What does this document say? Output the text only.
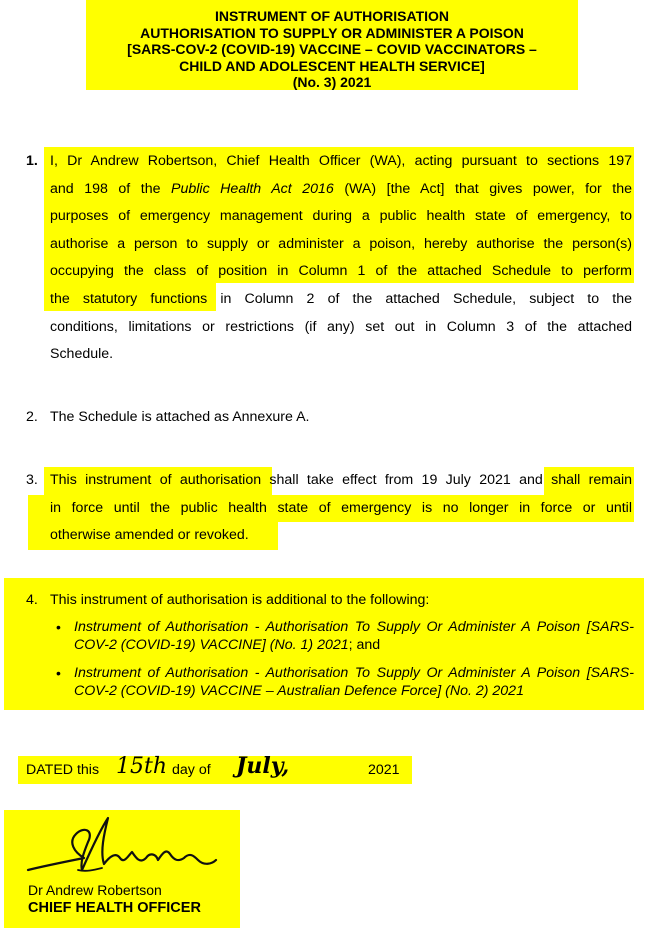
INSTRUMENT OF AUTHORISATION
AUTHORISATION TO SUPPLY OR ADMINISTER A POISON
[SARS-COV-2 (COVID-19) VACCINE – COVID VACCINATORS –
CHILD AND ADOLESCENT HEALTH SERVICE]
(No. 3) 2021
1. I, Dr Andrew Robertson, Chief Health Officer (WA), acting pursuant to sections 197
and 198 of the Public Health Act 2016 (WA) [the Act] that gives power, for the
purposes of emergency management during a public health state of emergency, to
authorise a person to supply or administer a poison, hereby authorise the person(s)
occupying the class of position in Column 1 of the attached Schedule to perform
the statutory functions in Column 2 of the attached Schedule, subject to the
conditions, limitations or restrictions (if any) set out in Column 3 of the attached
Schedule.
2. The Schedule is attached as Annexure A.
3. This instrument of authorisation shall take effect from 19 July 2021 and shall remain
in force until the public health state of emergency is no longer in force or until
otherwise amended or revoked.
4. This instrument of authorisation is additional to the following:
• Instrument of Authorisation - Authorisation To Supply Or Administer A Poison [SARS-COV-2 (COVID-19) VACCINE] (No. 1) 2021; and
• Instrument of Authorisation - Authorisation To Supply Or Administer A Poison [SARS-COV-2 (COVID-19) VACCINE – Australian Defence Force] (No. 2) 2021
DATED this 15th day of July,	2021
Dr Andrew Robertson
CHIEF HEALTH OFFICER
